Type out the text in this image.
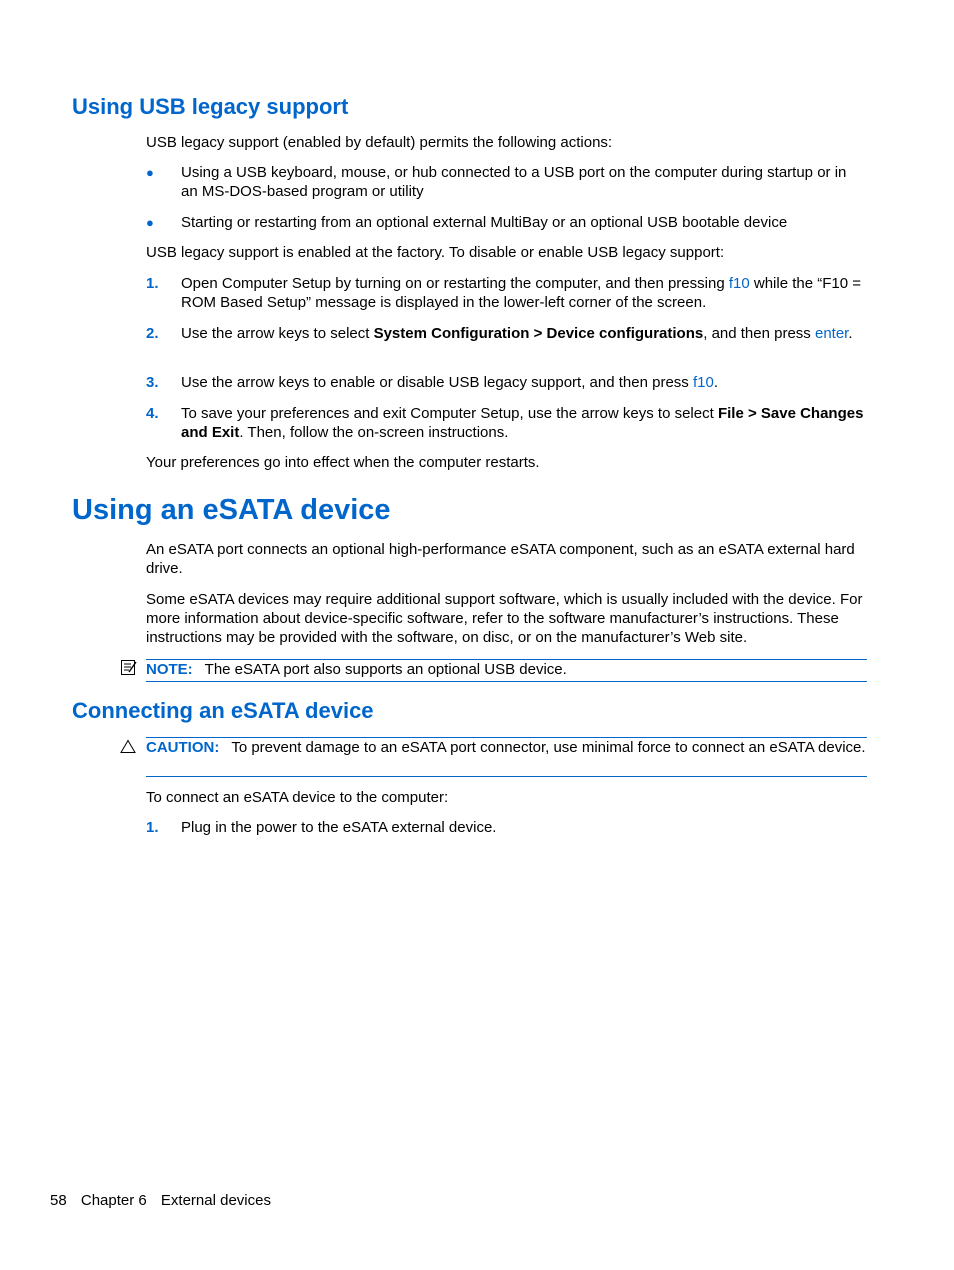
Using USB legacy support

USB legacy support (enabled by default) permits the following actions:

● Using a USB keyboard, mouse, or hub connected to a USB port on the computer during startup or in an MS-DOS-based program or utility
● Starting or restarting from an optional external MultiBay or an optional USB bootable device

USB legacy support is enabled at the factory. To disable or enable USB legacy support:

1. Open Computer Setup by turning on or restarting the computer, and then pressing f10 while the “F10 = ROM Based Setup” message is displayed in the lower-left corner of the screen.
2. Use the arrow keys to select System Configuration > Device configurations, and then press enter.
3. Use the arrow keys to enable or disable USB legacy support, and then press f10.
4. To save your preferences and exit Computer Setup, use the arrow keys to select File > Save Changes and Exit. Then, follow the on-screen instructions.

Your preferences go into effect when the computer restarts.

Using an eSATA device

An eSATA port connects an optional high-performance eSATA component, such as an eSATA external hard drive.

Some eSATA devices may require additional support software, which is usually included with the device. For more information about device-specific software, refer to the software manufacturer’s instructions. These instructions may be provided with the software, on disc, or on the manufacturer’s Web site.

NOTE: The eSATA port also supports an optional USB device.
Connecting an eSATA device
CAUTION: To prevent damage to an eSATA port connector, use minimal force to connect an eSATA device.

To connect an eSATA device to the computer:

1. Plug in the power to the eSATA external device.
58 Chapter 6 External devices
